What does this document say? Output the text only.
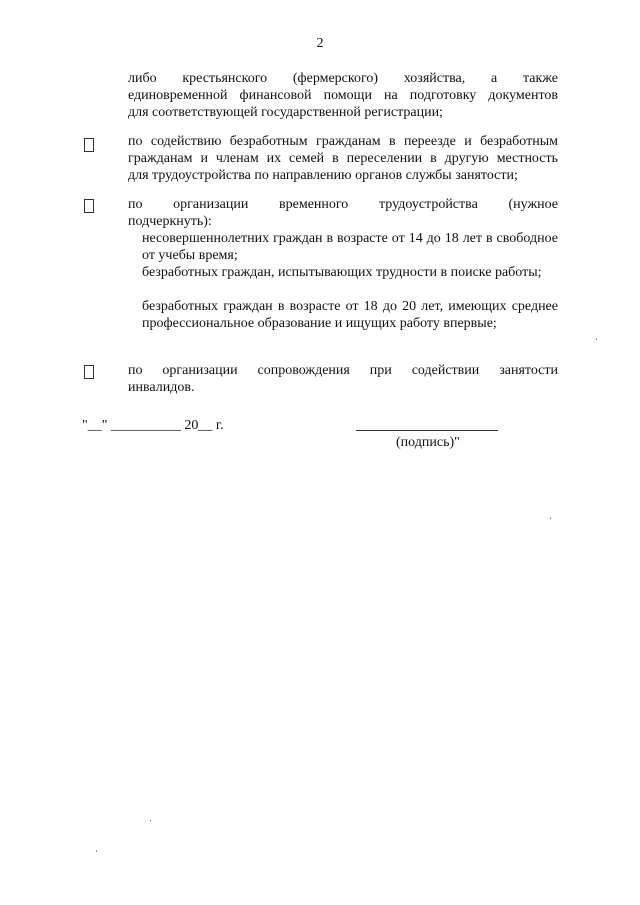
2
либо крестьянского (фермерского) хозяйства, а также
единовременной финансовой помощи на подготовку документов
для соответствующей государственной регистрации;
по содействию безработным гражданам в переезде и безработным
гражданам и членам их семей в переселении в другую местность
для трудоустройства по направлению органов службы занятости;
по организации временного трудоустройства (нужное
подчеркнуть):
несовершеннолетних граждан в возрасте от 14 до 18 лет в свободное от учебы время;
безработных граждан, испытывающих трудности в поиске работы;
безработных граждан в возрасте от 18 до 20 лет, имеющих среднее профессиональное образование и ищущих работу впервые;
по организации сопровождения при содействии занятости
инвалидов.
"__" __________ 20__ г.
(подпись)"
